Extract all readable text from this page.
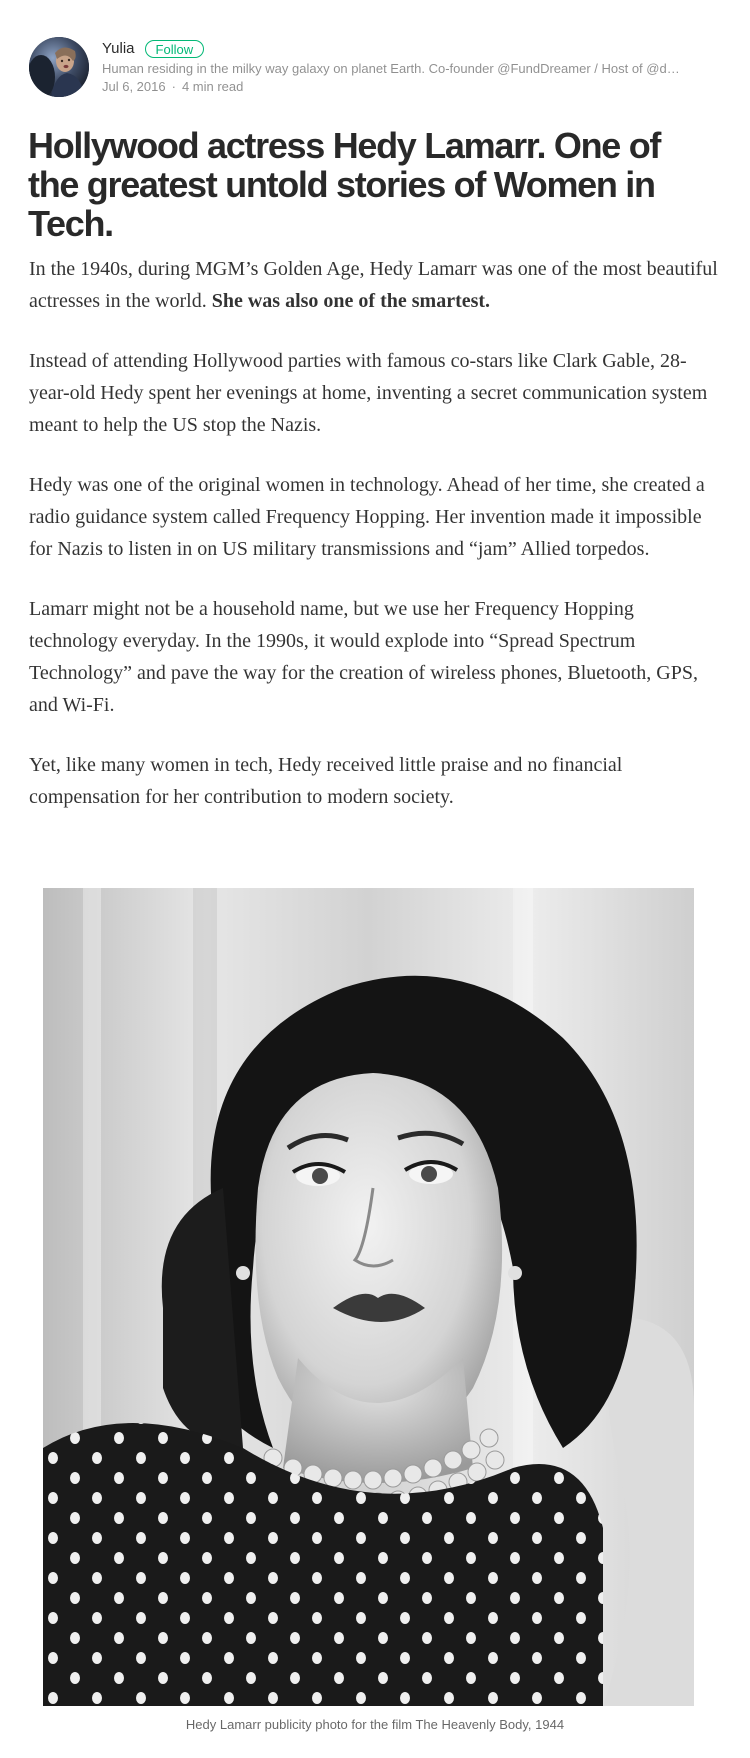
Yulia	Follow
Human residing in the milky way galaxy on planet Earth. Co-founder @FundDreamer / Host of @d…
Jul 6, 2016 · 4 min read
Hollywood actress Hedy Lamarr. One of the greatest untold stories of Women in Tech.

In the 1940s, during MGM’s Golden Age, Hedy Lamarr was one of the most beautiful actresses in the world. She was also one of the smartest.

Instead of attending Hollywood parties with famous co-stars like Clark Gable, 28-year-old Hedy spent her evenings at home, inventing a secret communication system meant to help the US stop the Nazis.

Hedy was one of the original women in technology. Ahead of her time, she created a radio guidance system called Frequency Hopping. Her invention made it impossible for Nazis to listen in on US military transmissions and “jam” Allied torpedos.

Lamarr might not be a household name, but we use her Frequency Hopping technology everyday. In the 1990s, it would explode into “Spread Spectrum Technology” and pave the way for the creation of wireless phones, Bluetooth, GPS, and Wi-Fi.

Yet, like many women in tech, Hedy received little praise and no financial compensation for her contribution to modern society.

Hedy Lamarr publicity photo for the film The Heavenly Body, 1944
